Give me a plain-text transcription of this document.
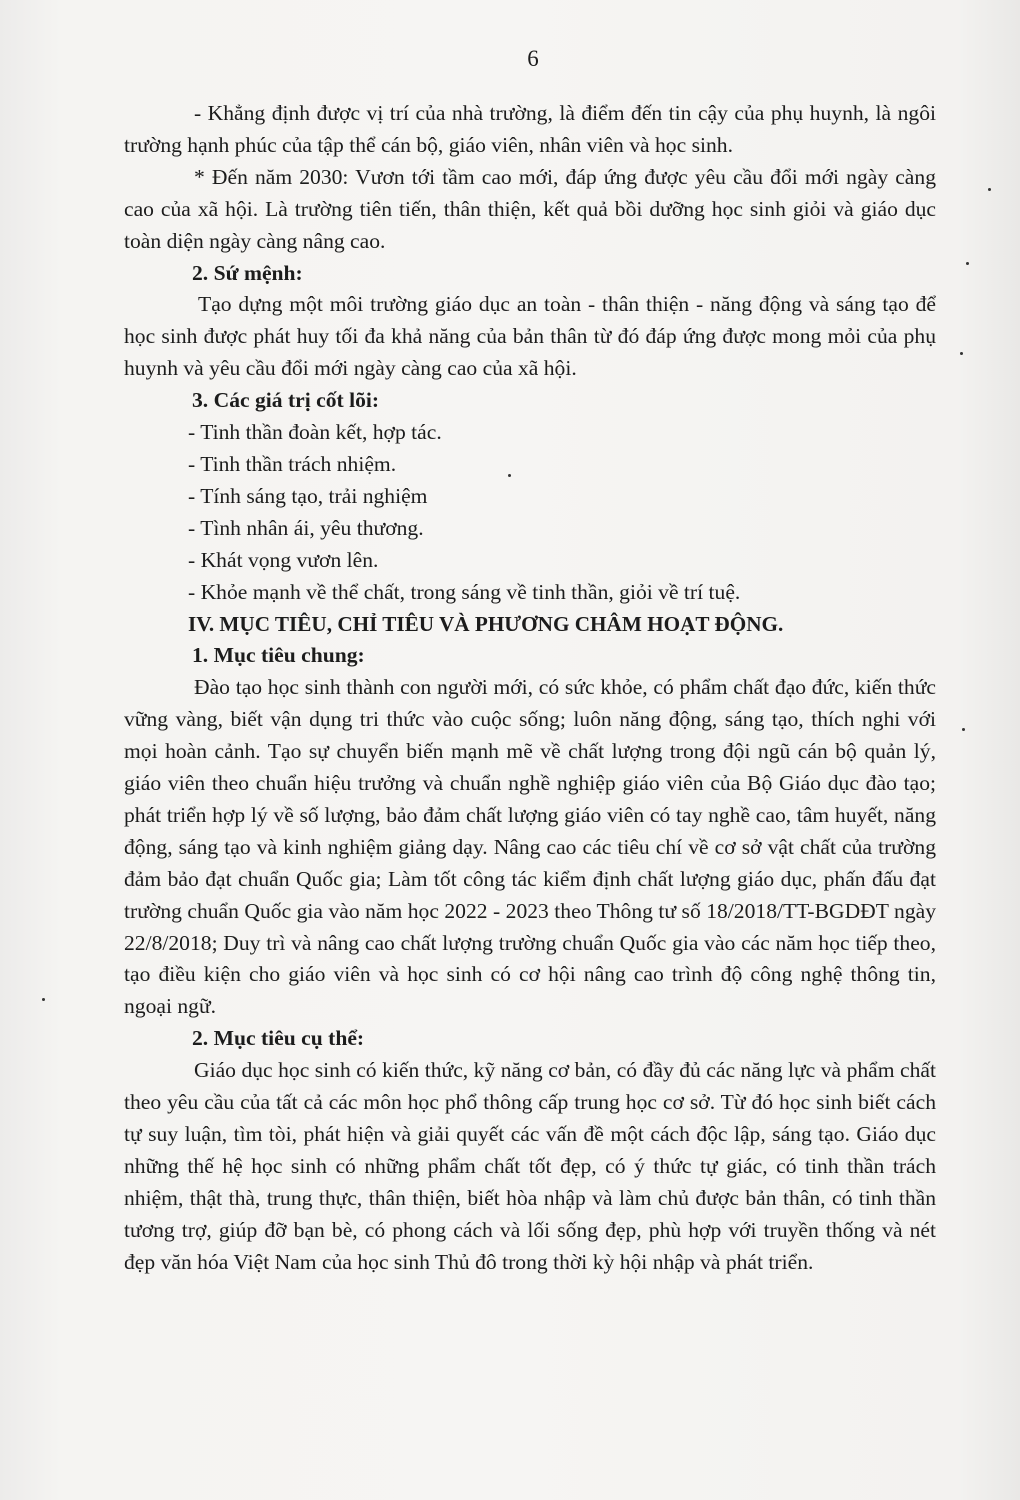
6

- Khẳng định được vị trí của nhà trường, là điểm đến tin cậy của phụ huynh, là ngôi trường hạnh phúc của tập thể cán bộ, giáo viên, nhân viên và học sinh.

* Đến năm 2030: Vươn tới tầm cao mới, đáp ứng được yêu cầu đổi mới ngày càng cao của xã hội. Là trường tiên tiến, thân thiện, kết quả bồi dưỡng học sinh giỏi và giáo dục toàn diện ngày càng nâng cao.

2. Sứ mệnh:

Tạo dựng một môi trường giáo dục an toàn - thân thiện - năng động và sáng tạo để học sinh được phát huy tối đa khả năng của bản thân từ đó đáp ứng được mong mỏi của phụ huynh và yêu cầu đổi mới ngày càng cao của xã hội.

3. Các giá trị cốt lõi:

- Tinh thần đoàn kết, hợp tác.

- Tinh thần trách nhiệm.

- Tính sáng tạo, trải nghiệm

- Tình nhân ái, yêu thương.

- Khát vọng vươn lên.

- Khỏe mạnh về thể chất, trong sáng về tinh thần, giỏi về trí tuệ.

IV. MỤC TIÊU, CHỈ TIÊU VÀ PHƯƠNG CHÂM HOẠT ĐỘNG.

1. Mục tiêu chung:

Đào tạo học sinh thành con người mới, có sức khỏe, có phẩm chất đạo đức, kiến thức vững vàng, biết vận dụng tri thức vào cuộc sống; luôn năng động, sáng tạo, thích nghi với mọi hoàn cảnh. Tạo sự chuyển biến mạnh mẽ về chất lượng trong đội ngũ cán bộ quản lý, giáo viên theo chuẩn hiệu trưởng và chuẩn nghề nghiệp giáo viên của Bộ Giáo dục đào tạo; phát triển hợp lý về số lượng, bảo đảm chất lượng giáo viên có tay nghề cao, tâm huyết, năng động, sáng tạo và kinh nghiệm giảng dạy. Nâng cao các tiêu chí về cơ sở vật chất của trường đảm bảo đạt chuẩn Quốc gia; Làm tốt công tác kiểm định chất lượng giáo dục, phấn đấu đạt trường chuẩn Quốc gia vào năm học 2022 - 2023 theo Thông tư số 18/2018/TT-BGDĐT ngày 22/8/2018; Duy trì và nâng cao chất lượng trường chuẩn Quốc gia vào các năm học tiếp theo, tạo điều kiện cho giáo viên và học sinh có cơ hội nâng cao trình độ công nghệ thông tin, ngoại ngữ.

2. Mục tiêu cụ thể:

Giáo dục học sinh có kiến thức, kỹ năng cơ bản, có đầy đủ các năng lực và phẩm chất theo yêu cầu của tất cả các môn học phổ thông cấp trung học cơ sở. Từ đó học sinh biết cách tự suy luận, tìm tòi, phát hiện và giải quyết các vấn đề một cách độc lập, sáng tạo. Giáo dục những thế hệ học sinh có những phẩm chất tốt đẹp, có ý thức tự giác, có tinh thần trách nhiệm, thật thà, trung thực, thân thiện, biết hòa nhập và làm chủ được bản thân, có tinh thần tương trợ, giúp đỡ bạn bè, có phong cách và lối sống đẹp, phù hợp với truyền thống và nét đẹp văn hóa Việt Nam của học sinh Thủ đô trong thời kỳ hội nhập và phát triển.
